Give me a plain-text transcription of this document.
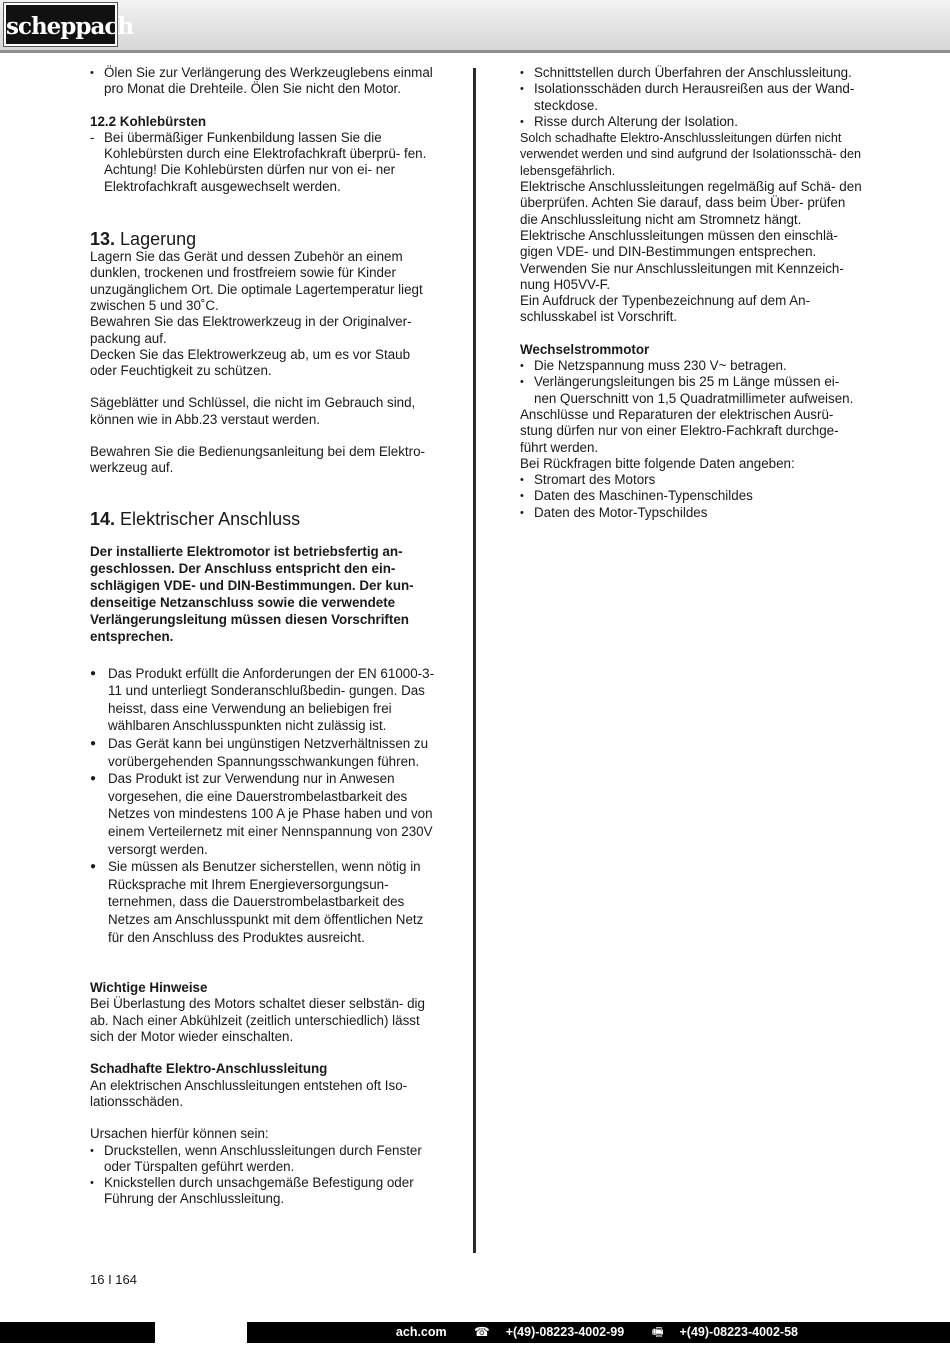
scheppach
• Ölen Sie zur Verlängerung des Werkzeuglebens einmal pro Monat die Drehteile. Ölen Sie nicht den Motor.

12.2 Kohlebürsten

- Bei übermäßiger Funkenbildung lassen Sie die Kohlebürsten durch eine Elektrofachkraft überprü- fen. Achtung! Die Kohlebürsten dürfen nur von ei- ner Elektrofachkraft ausgewechselt werden.

13. Lagerung

Lagern Sie das Gerät und dessen Zubehör an einem dunklen, trockenen und frostfreiem sowie für Kinder unzugänglichem Ort. Die optimale Lagertemperatur liegt zwischen 5 und 30˚C.

Bewahren Sie das Elektrowerkzeug in der Originalver- packung auf.

Decken Sie das Elektrowerkzeug ab, um es vor Staub oder Feuchtigkeit zu schützen.

Sägeblätter und Schlüssel, die nicht im Gebrauch sind, können wie in Abb.23 verstaut werden.

Bewahren Sie die Bedienungsanleitung bei dem Elektro- werkzeug auf.

14. Elektrischer Anschluss

Der installierte Elektromotor ist betriebsfertig an- geschlossen. Der Anschluss entspricht den ein- schlägigen VDE- und DIN-Bestimmungen. Der kun- denseitige Netzanschluss sowie die verwendete Verlängerungsleitung müssen diesen Vorschriften entsprechen.

● Das Produkt erfüllt die Anforderungen der EN 61000-3-11 und unterliegt Sonderanschlußbedin- gungen. Das heisst, dass eine Verwendung an beliebigen frei wählbaren Anschlusspunkten nicht zulässig ist.
● Das Gerät kann bei ungünstigen Netzverhältnissen zu vorübergehenden Spannungsschwankungen führen.
● Das Produkt ist zur Verwendung nur in Anwesen vorgesehen, die eine Dauerstrombelastbarkeit des Netzes von mindestens 100 A je Phase haben und von einem Verteilernetz mit einer Nennspannung von 230V versorgt werden.
● Sie müssen als Benutzer sicherstellen, wenn nötig in Rücksprache mit Ihrem Energieversorgungsun- ternehmen, dass die Dauerstrombelastbarkeit des Netzes am Anschlusspunkt mit dem öffentlichen Netz für den Anschluss des Produktes ausreicht.

Wichtige Hinweise

Bei Überlastung des Motors schaltet dieser selbstän- dig ab. Nach einer Abkühlzeit (zeitlich unterschiedlich) lässt sich der Motor wieder einschalten.

Schadhafte Elektro-Anschlussleitung

An elektrischen Anschlussleitungen entstehen oft Iso- lationsschäden.

Ursachen hierfür können sein:

• Druckstellen, wenn Anschlussleitungen durch Fenster oder Türspalten geführt werden.
• Knickstellen durch unsachgemäße Befestigung oder Führung der Anschlussleitung.
• Schnittstellen durch Überfahren der Anschlussleitung.
• Isolationsschäden durch Herausreißen aus der Wand- steckdose.
• Risse durch Alterung der Isolation.

Solch schadhafte Elektro-Anschlussleitungen dürfen nicht verwendet werden und sind aufgrund der Isolationsschä- den lebensgefährlich.

Elektrische Anschlussleitungen regelmäßig auf Schä- den überprüfen. Achten Sie darauf, dass beim Über- prüfen die Anschlussleitung nicht am Stromnetz hängt.

Elektrische Anschlussleitungen müssen den einschlä- gigen VDE- und DIN-Bestimmungen entsprechen.

Verwenden Sie nur Anschlussleitungen mit Kennzeich- nung H05VV-F.

Ein Aufdruck der Typenbezeichnung auf dem An- schlusskabel ist Vorschrift.

Wechselstrommotor

• Die Netzspannung muss 230 V~ betragen.
• Verlängerungsleitungen bis 25 m Länge müssen ei- nen Querschnitt von 1,5 Quadratmillimeter aufweisen.

Anschlüsse und Reparaturen der elektrischen Ausrü- stung dürfen nur von einer Elektro-Fachkraft durchge- führt werden.

Bei Rückfragen bitte folgende Daten angeben:

• Stromart des Motors
• Daten des Maschinen-Typenschildes
• Daten des Motor-Typschildes
16 I 164
ach.com ☎ +(49)-08223-4002-99 🖷 +(49)-08223-4002-58
